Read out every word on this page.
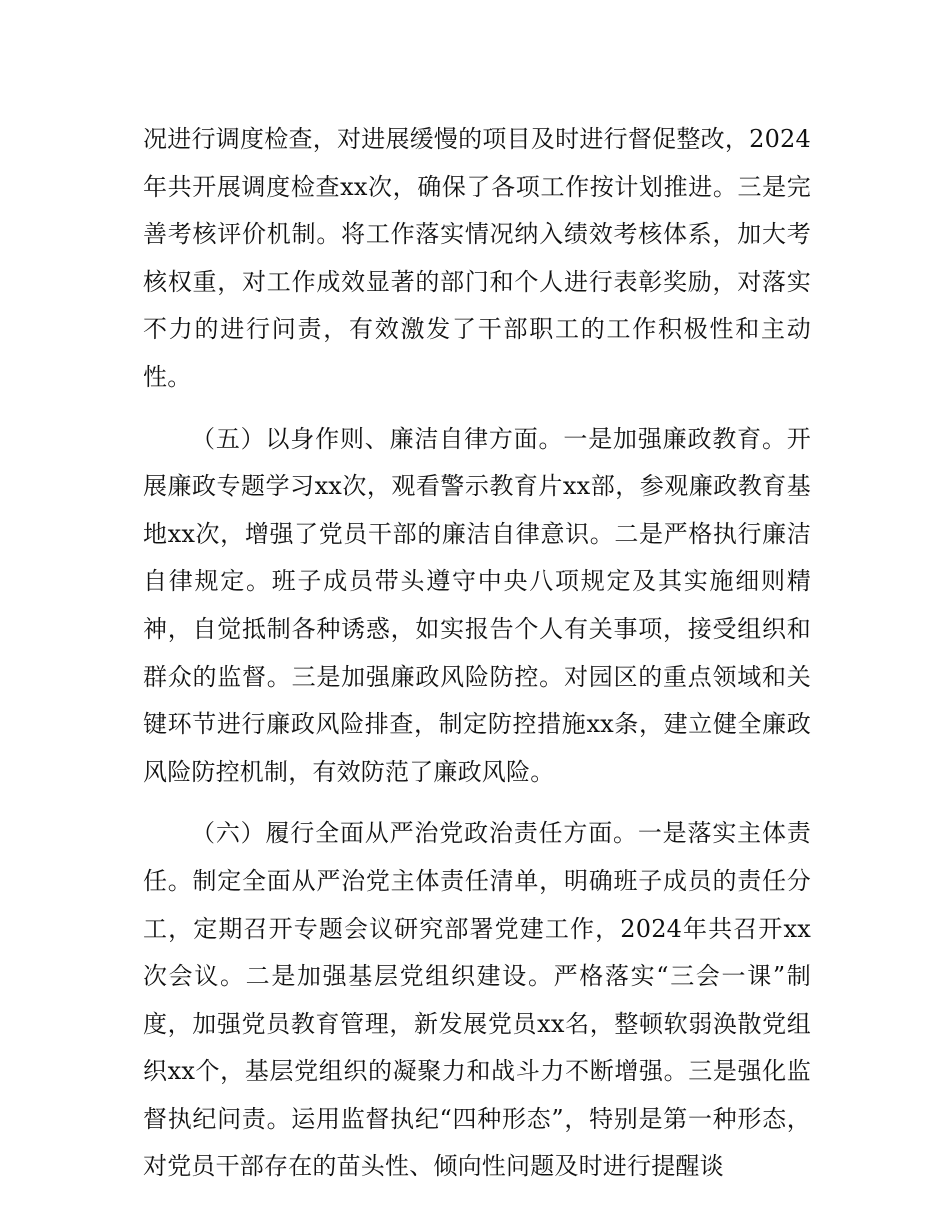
况进行调度检查，对进展缓慢的项目及时进行督促整改，2024年共开展调度检查xx次，确保了各项工作按计划推进。三是完善考核评价机制。将工作落实情况纳入绩效考核体系，加大考核权重，对工作成效显著的部门和个人进行表彰奖励，对落实不力的进行问责，有效激发了干部职工的工作积极性和主动性。

（五）以身作则、廉洁自律方面。一是加强廉政教育。开展廉政专题学习xx次，观看警示教育片xx部，参观廉政教育基地xx次，增强了党员干部的廉洁自律意识。二是严格执行廉洁自律规定。班子成员带头遵守中央八项规定及其实施细则精神，自觉抵制各种诱惑，如实报告个人有关事项，接受组织和群众的监督。三是加强廉政风险防控。对园区的重点领域和关键环节进行廉政风险排查，制定防控措施xx条，建立健全廉政风险防控机制，有效防范了廉政风险。

（六）履行全面从严治党政治责任方面。一是落实主体责任。制定全面从严治党主体责任清单，明确班子成员的责任分工，定期召开专题会议研究部署党建工作，2024年共召开xx次会议。二是加强基层党组织建设。严格落实“三会一课”制度，加强党员教育管理，新发展党员xx名，整顿软弱涣散党组织xx个，基层党组织的凝聚力和战斗力不断增强。三是强化监督执纪问责。运用监督执纪“四种形态”，特别是第一种形态，对党员干部存在的苗头性、倾向性问题及时进行提醒谈
